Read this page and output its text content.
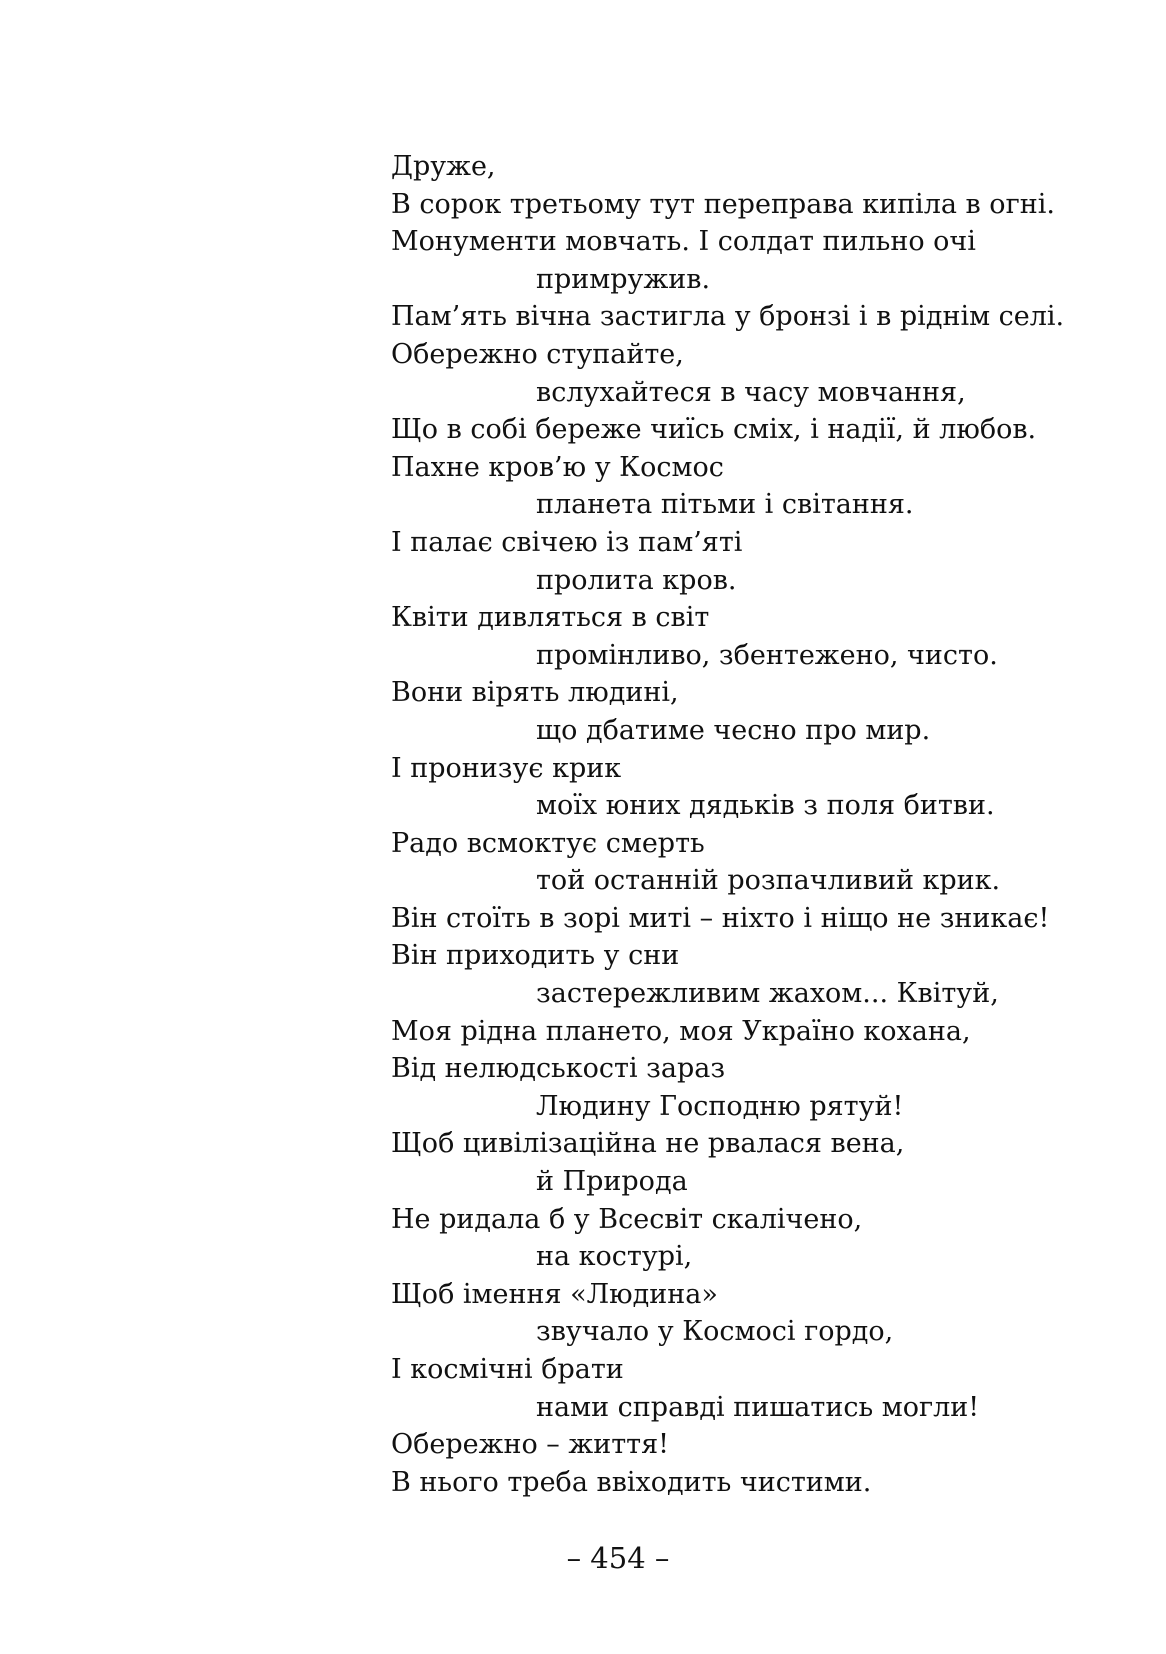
Друже,
В сорок третьому тут переправа кипіла в огні.
Монументи мовчать. І солдат пильно очі
примружив.
Пам’ять вічна застигла у бронзі і в ріднім селі.
Обережно ступайте,
вслухайтеся в часу мовчання,
Що в собі береже чиїсь сміх, і надії, й любов.
Пахне кров’ю у Космос
планета пітьми і світання.
І палає свічею із пам’яті
пролита кров.
Квіти дивляться в світ
промінливо, збентежено, чисто.
Вони вірять людині,
що дбатиме чесно про мир.
І пронизує крик
моїх юних дядьків з поля битви.
Радо всмоктує смерть
той останній розпачливий крик.
Він стоїть в зорі миті – ніхто і ніщо не зникає!
Він приходить у сни
застережливим жахом... Квітуй,
Моя рідна плането, моя Україно кохана,
Від нелюдськості зараз
Людину Господню рятуй!
Щоб цивілізаційна не рвалася вена,
й Природа
Не ридала б у Всесвіт скалічено,
на костурі,
Щоб імення «Людина»
звучало у Космосі гордо,
І космічні брати
нами справді пишатись могли!
Обережно – життя!
В нього треба ввіходить чистими.
– 454 –
